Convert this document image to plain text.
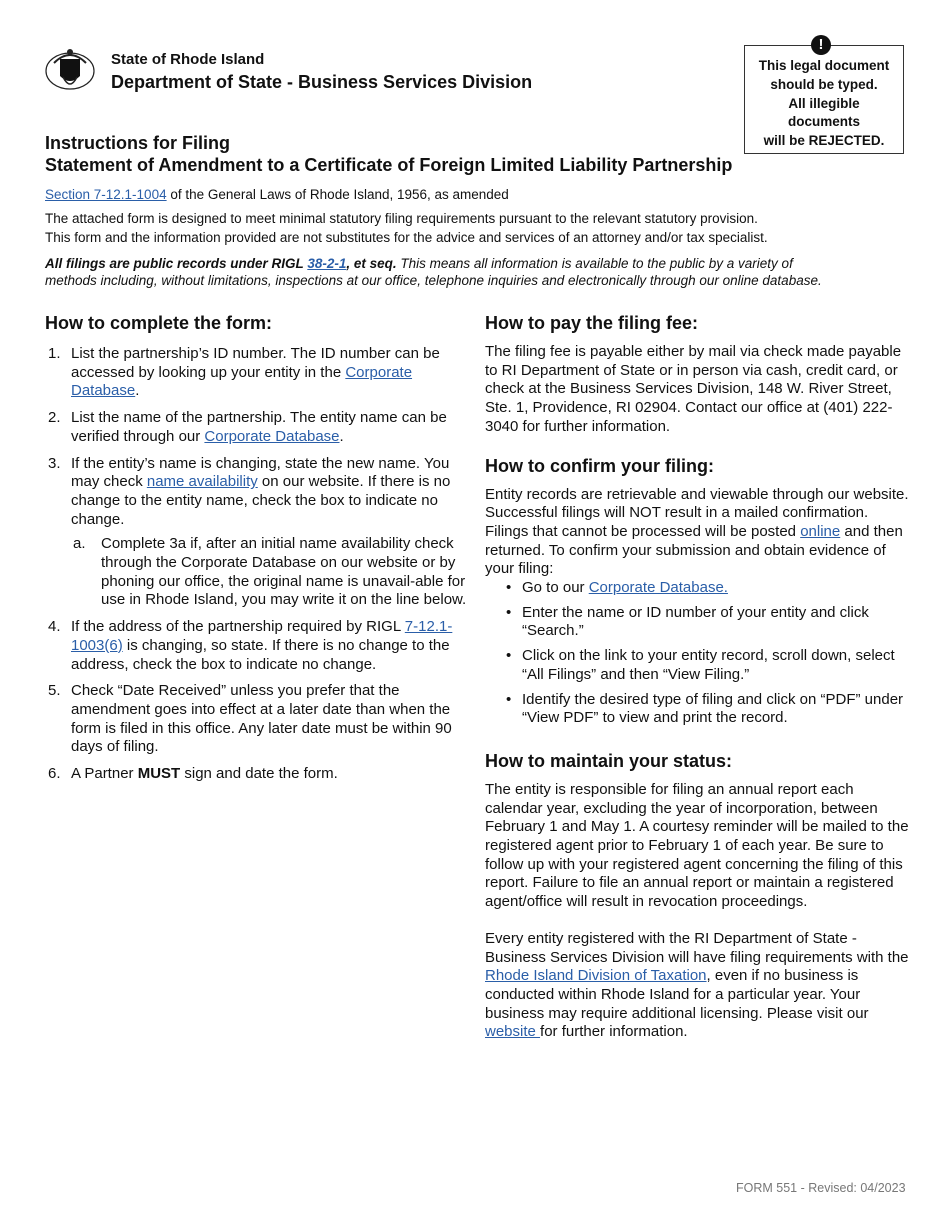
State of Rhode Island
Department of State - Business Services Division
This legal document
should be typed.
All illegible
documents
will be REJECTED.
!
Instructions for Filing
Statement of Amendment to a Certificate of Foreign Limited Liability Partnership
Section 7-12.1-1004 of the General Laws of Rhode Island, 1956, as amended
The attached form is designed to meet minimal statutory filing requirements pursuant to the relevant statutory provision.
This form and the information provided are not substitutes for the advice and services of an attorney and/or tax specialist.
All filings are public records under RIGL 38-2-1, et seq. This means all information is available to the public by a variety of methods including, without limitations, inspections at our office, telephone inquiries and electronically through our online database.
How to complete the form:
1. List the partnership’s ID number. The ID number can be accessed by looking up your entity in the Corporate Database.
2. List the name of the partnership. The entity name can be verified through our Corporate Database.
3. If the entity’s name is changing, state the new name. You may check name availability on our website. If there is no change to the entity name, check the box to indicate no change.
a. Complete 3a if, after an initial name availability check through the Corporate Database on our website or by phoning our office, the original name is unavail-able for use in Rhode Island, you may write it on the line below.
4. If the address of the partnership required by RIGL 7-12.1-1003(6) is changing, so state. If there is no change to the address, check the box to indicate no change.
5. Check “Date Received” unless you prefer that the amendment goes into effect at a later date than when the form is filed in this office. Any later date must be within 90 days of filing.
6. A Partner MUST sign and date the form.
How to pay the filing fee:
The filing fee is payable either by mail via check made payable to RI Department of State or in person via cash, credit card, or check at the Business Services Division, 148 W. River Street, Ste. 1, Providence, RI 02904. Contact our office at (401) 222-3040 for further information.
How to confirm your filing:
Entity records are retrievable and viewable through our website. Successful filings will NOT result in a mailed confirmation. Filings that cannot be processed will be posted online and then returned. To confirm your submission and obtain evidence of your filing:
• Go to our Corporate Database.
• Enter the name or ID number of your entity and click “Search.”
• Click on the link to your entity record, scroll down, select “All Filings” and then “View Filing.”
• Identify the desired type of filing and click on “PDF” under “View PDF” to view and print the record.
How to maintain your status:
The entity is responsible for filing an annual report each calendar year, excluding the year of incorporation, between February 1 and May 1. A courtesy reminder will be mailed to the registered agent prior to February 1 of each year. Be sure to follow up with your registered agent concerning the filing of this report. Failure to file an annual report or maintain a registered agent/office will result in revocation proceedings.
Every entity registered with the RI Department of State - Business Services Division will have filing requirements with the Rhode Island Division of Taxation, even if no business is conducted within Rhode Island for a particular year. Your business may require additional licensing. Please visit our website for further information.
FORM 551 - Revised: 04/2023
